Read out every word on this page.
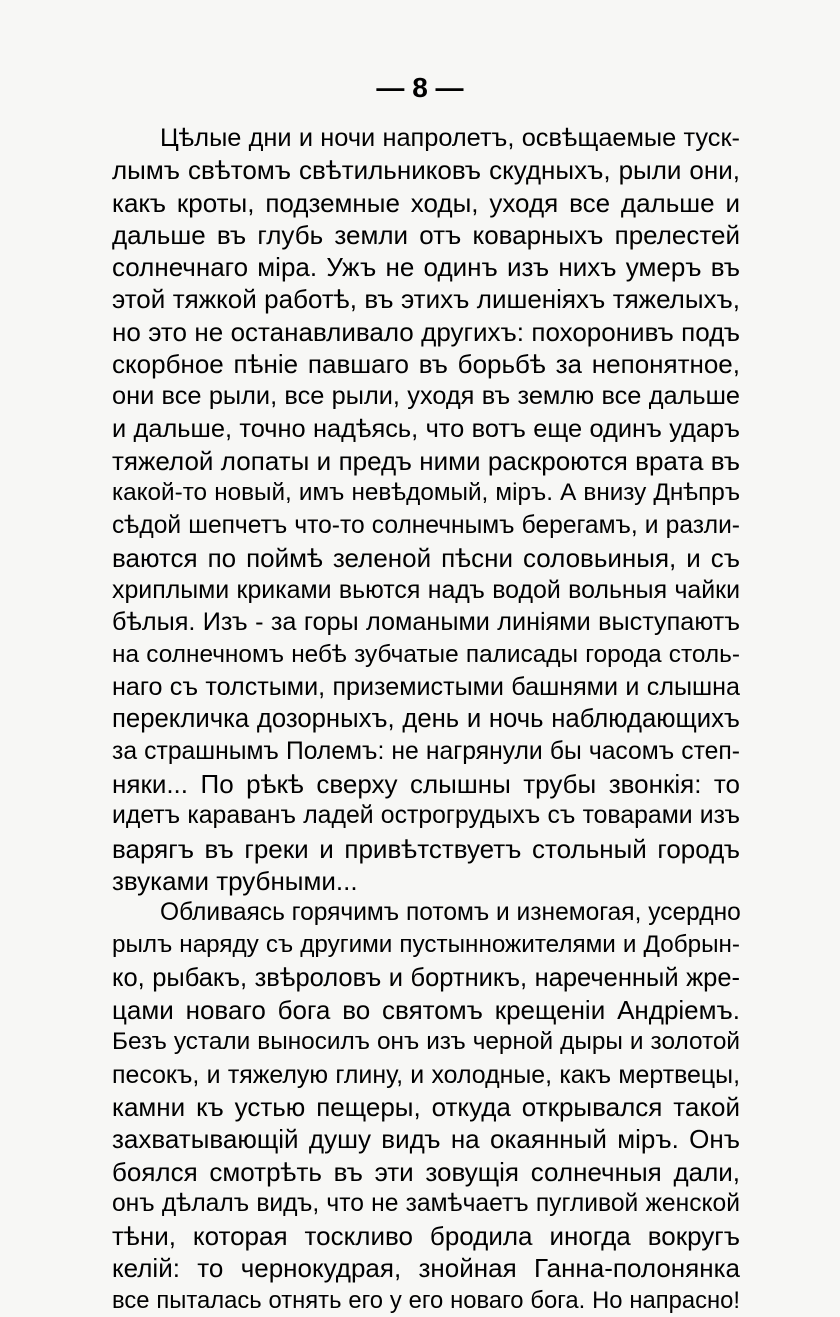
— 8 —
Цѣлые дни и ночи напролетъ, освѣщаемые туск-
лымъ свѣтомъ свѣтильниковъ скудныхъ, рыли они,
какъ кроты, подземные ходы, уходя все дальше и
дальше въ глубь земли отъ коварныхъ прелестей
солнечнаго міра. Ужъ не одинъ изъ нихъ умеръ въ
этой тяжкой работѣ, въ этихъ лишеніяхъ тяжелыхъ,
но это не останавливало другихъ: похоронивъ подъ
скорбное пѣніе павшаго въ борьбѣ за непонятное,
они все рыли, все рыли, уходя въ землю все дальше
и дальше, точно надѣясь, что вотъ еще одинъ ударъ
тяжелой лопаты и предъ ними раскроются врата въ
какой-то новый, имъ невѣдомый, міръ. А внизу Днѣпръ
сѣдой шепчетъ что-то солнечнымъ берегамъ, и разли-
ваются по поймѣ зеленой пѣсни соловьиныя, и съ
хриплыми криками вьются надъ водой вольныя чайки
бѣлыя. Изъ - за горы ломаными линіями выступаютъ
на солнечномъ небѣ зубчатые палисады города столь-
наго съ толстыми, приземистыми башнями и слышна
перекличка дозорныхъ, день и ночь наблюдающихъ
за страшнымъ Полемъ: не нагрянули бы часомъ степ-
няки... По рѣкѣ сверху слышны трубы звонкія: то
идетъ караванъ ладей острогрудыхъ съ товарами изъ
варягъ въ греки и привѣтствуетъ стольный городъ
звуками трубными...
Обливаясь горячимъ потомъ и изнемогая, усердно
рылъ наряду съ другими пустынножителями и Добрын-
ко, рыбакъ, звѣроловъ и бортникъ, нареченный жре-
цами новаго бога во святомъ крещеніи Андріемъ.
Безъ устали выносилъ онъ изъ черной дыры и золотой
песокъ, и тяжелую глину, и холодные, какъ мертвецы,
камни къ устью пещеры, откуда открывался такой
захватывающій душу видъ на окаянный міръ. Онъ
боялся смотрѣть въ эти зовущія солнечныя дали,
онъ дѣлалъ видъ, что не замѣчаетъ пугливой женской
тѣни, которая тоскливо бродила иногда вокругъ
келій: то чернокудрая, знойная Ганна-полонянка
все пыталась отнять его у его новаго бога. Но напрасно!
